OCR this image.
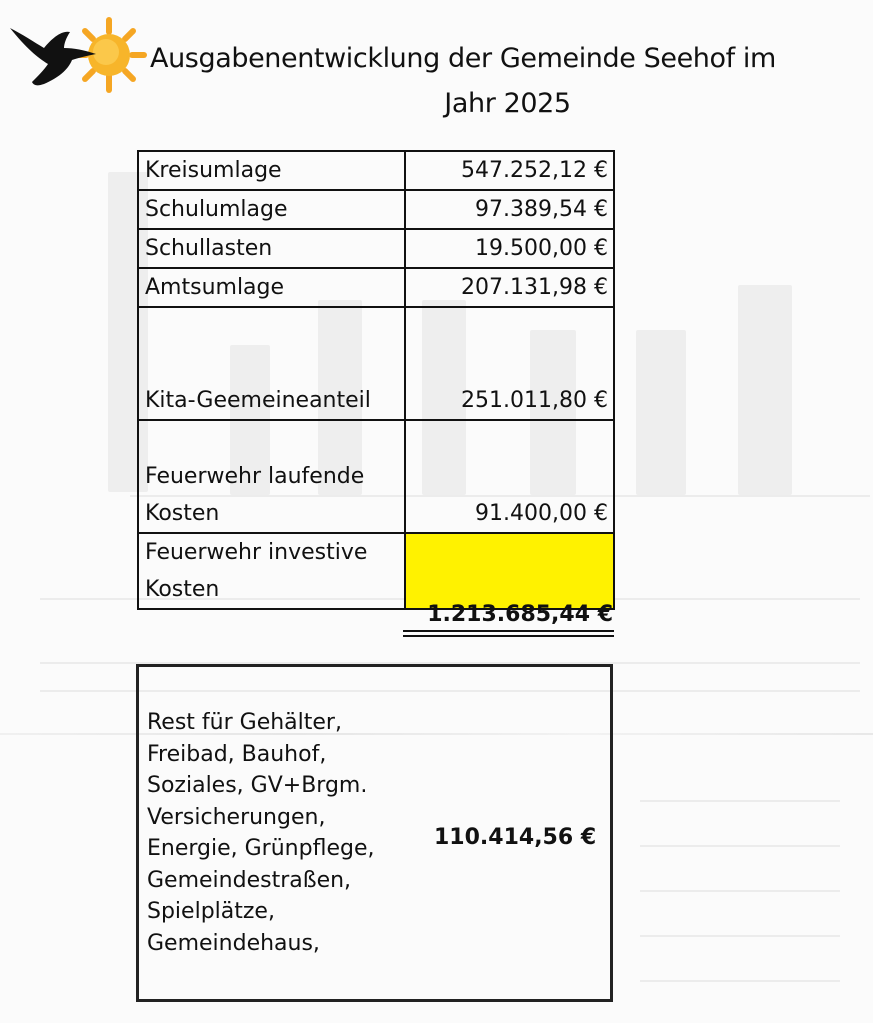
Ausgabenentwicklung der Gemeinde Seehof im
Jahr 2025
Kreisumlage	547.252,12 €
Schulumlage	97.389,54 €
Schullasten	19.500,00 €
Amtsumlage	207.131,98 €
Kita-Geemeineanteil	251.011,80 €

Feuerwehr laufende
Kosten	91.400,00 €

Feuerwehr investive
Kosten	

1.213.685,44 €
Rest für Gehälter,
Freibad, Bauhof,
Soziales, GV+Brgm.
Versicherungen,
Energie, Grünpflege,
Gemeindestraßen,
Spielplätze,
Gemeindehaus,
110.414,56 €
